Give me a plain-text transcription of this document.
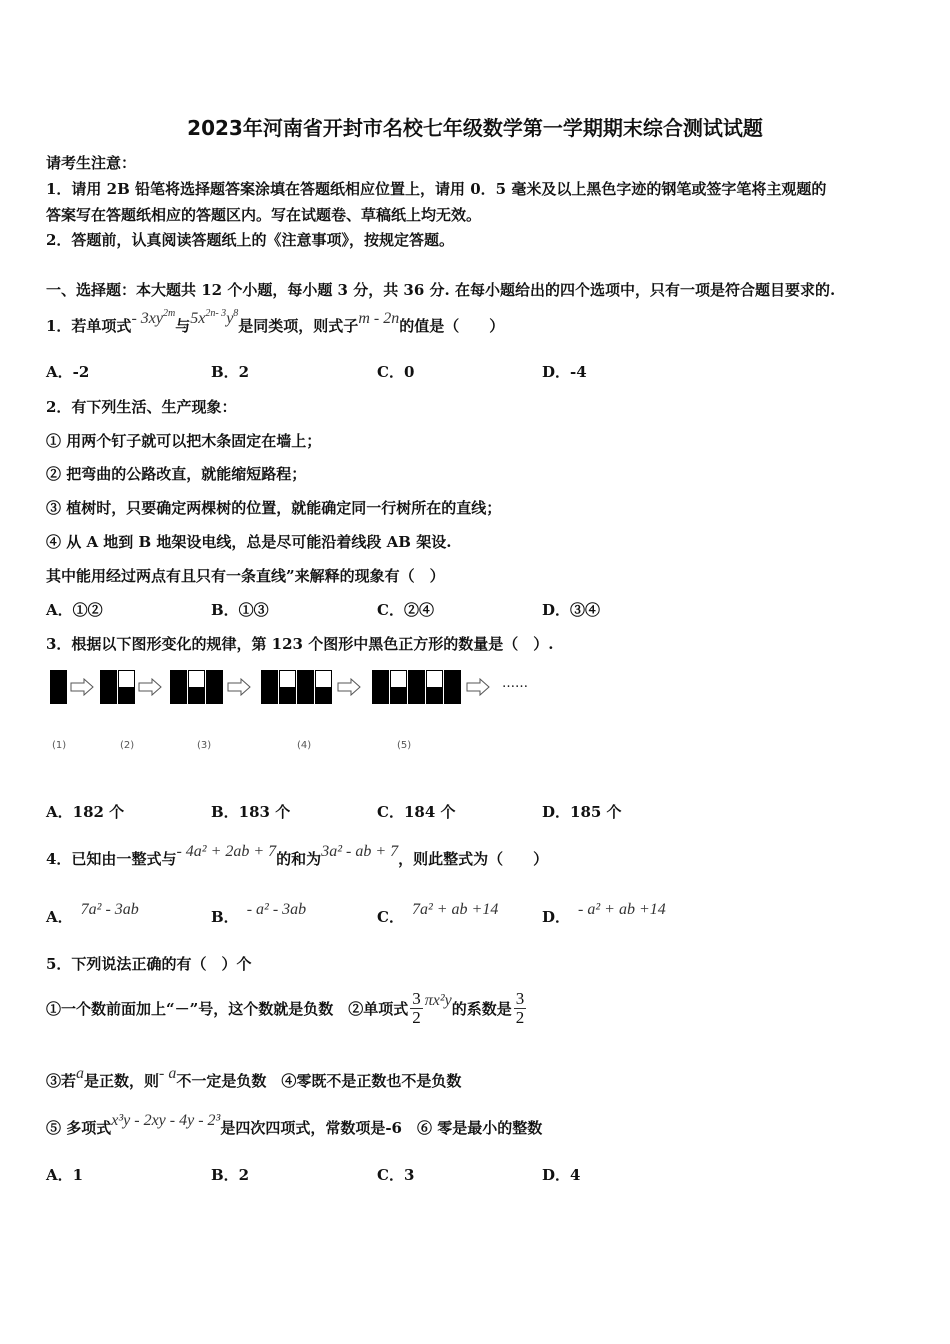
2023年河南省开封市名校七年级数学第一学期期末综合测试试题
请考生注意：
1．请用 2B 铅笔将选择题答案涂填在答题纸相应位置上，请用 0．5 毫米及以上黑色字迹的钢笔或签字笔将主观题的
答案写在答题纸相应的答题区内。写在试题卷、草稿纸上均无效。
2．答题前，认真阅读答题纸上的《注意事项》，按规定答题。
一、选择题：本大题共 12 个小题，每小题 3 分，共 36 分. 在每小题给出的四个选项中，只有一项是符合题目要求的.
1．若单项式- $3xy^{2m}$与$5x^{2n- 3}y^8$是同类项，则式子m - 2n的值是（　　）
A．-2	B．2	C．0	D．-4
2．有下列生活、生产现象：
① 用两个钉子就可以把木条固定在墙上；
② 把弯曲的公路改直，就能缩短路程；
③ 植树时，只要确定两棵树的位置，就能确定同一行树所在的直线；
④ 从 A 地到 B 地架设电线，总是尽可能沿着线段 AB 架设.
其中能用经过两点有且只有一条直线”来解释的现象有（　）
A．①②	B．①③	C．②④	D．③④
3．根据以下图形变化的规律，第 123 个图形中黑色正方形的数量是（　）.
……
(1)	(2)	(3)	(4)	(5)
A．182 个	B．183 个	C．184 个	D．185 个
4．已知由一整式与- 4a² + 2ab + 7的和为3a² - ab + 7，则此整式为（　　）
A． 7a² - 3ab	B． - a² - 3ab	C． 7a² + ab +14	D． - a² + ab +14
5．下列说法正确的有（　）个
①一个数前面加上“－”号，这个数就是负数　②单项式 $\frac{3}{2} \pi x^2y$的系数是 $\frac{3}{2}$
③若a是正数，则- a不一定是负数　④零既不是正数也不是负数
⑤ 多项式x³y - 2xy - 4y - 2³是四次四项式，常数项是-6　⑥ 零是最小的整数
A．1	B．2	C．3	D．4
